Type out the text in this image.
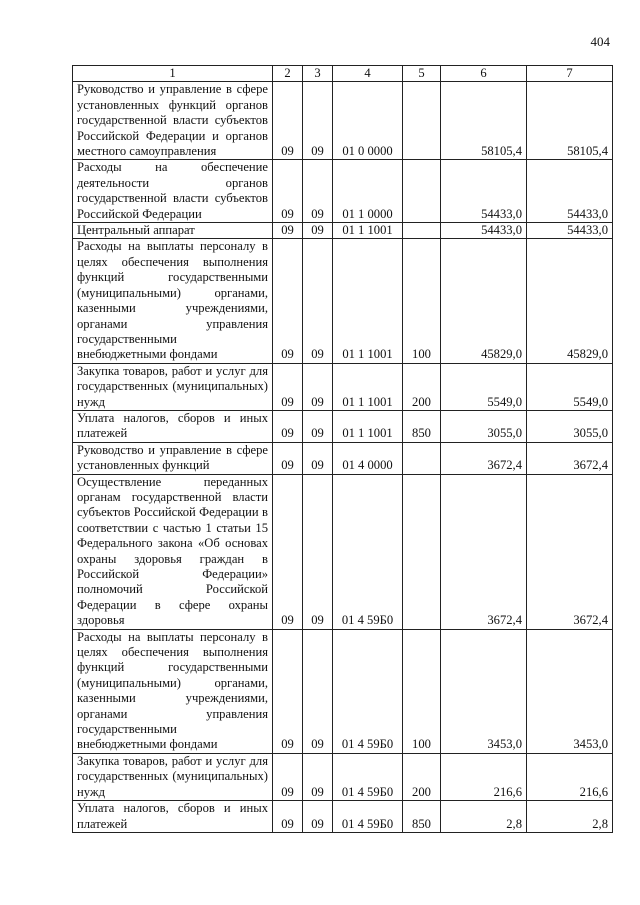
404
1	2	3	4	5	6	7
Руководство и управление в сфере установленных функций органов государственной власти субъектов Российской Федерации и органов местного самоуправления	09	09	01 0 0000		58105,4	58105,4
Расходы на обеспечение деятельности органов государственной власти субъектов Российской Федерации	09	09	01 1 0000		54433,0	54433,0
Центральный аппарат	09	09	01 1 1001		54433,0	54433,0
Расходы на выплаты персоналу в целях обеспечения выполнения функций государственными (муниципальными) органами, казенными учреждениями, органами управления государственными внебюджетными фондами	09	09	01 1 1001	100	45829,0	45829,0
Закупка товаров, работ и услуг для государственных (муниципальных) нужд	09	09	01 1 1001	200	5549,0	5549,0
Уплата налогов, сборов и иных платежей	09	09	01 1 1001	850	3055,0	3055,0
Руководство и управление в сфере установленных функций	09	09	01 4 0000		3672,4	3672,4
Осуществление переданных органам государственной власти субъектов Российской Федерации в соответствии с частью 1 статьи 15 Федерального закона «Об основах охраны здоровья граждан в Российской Федерации» полномочий Российской Федерации в сфере охраны здоровья	09	09	01 4 59Б0		3672,4	3672,4
Расходы на выплаты персоналу в целях обеспечения выполнения функций государственными (муниципальными) органами, казенными учреждениями, органами управления государственными внебюджетными фондами	09	09	01 4 59Б0	100	3453,0	3453,0
Закупка товаров, работ и услуг для государственных (муниципальных) нужд	09	09	01 4 59Б0	200	216,6	216,6
Уплата налогов, сборов и иных платежей	09	09	01 4 59Б0	850	2,8	2,8
